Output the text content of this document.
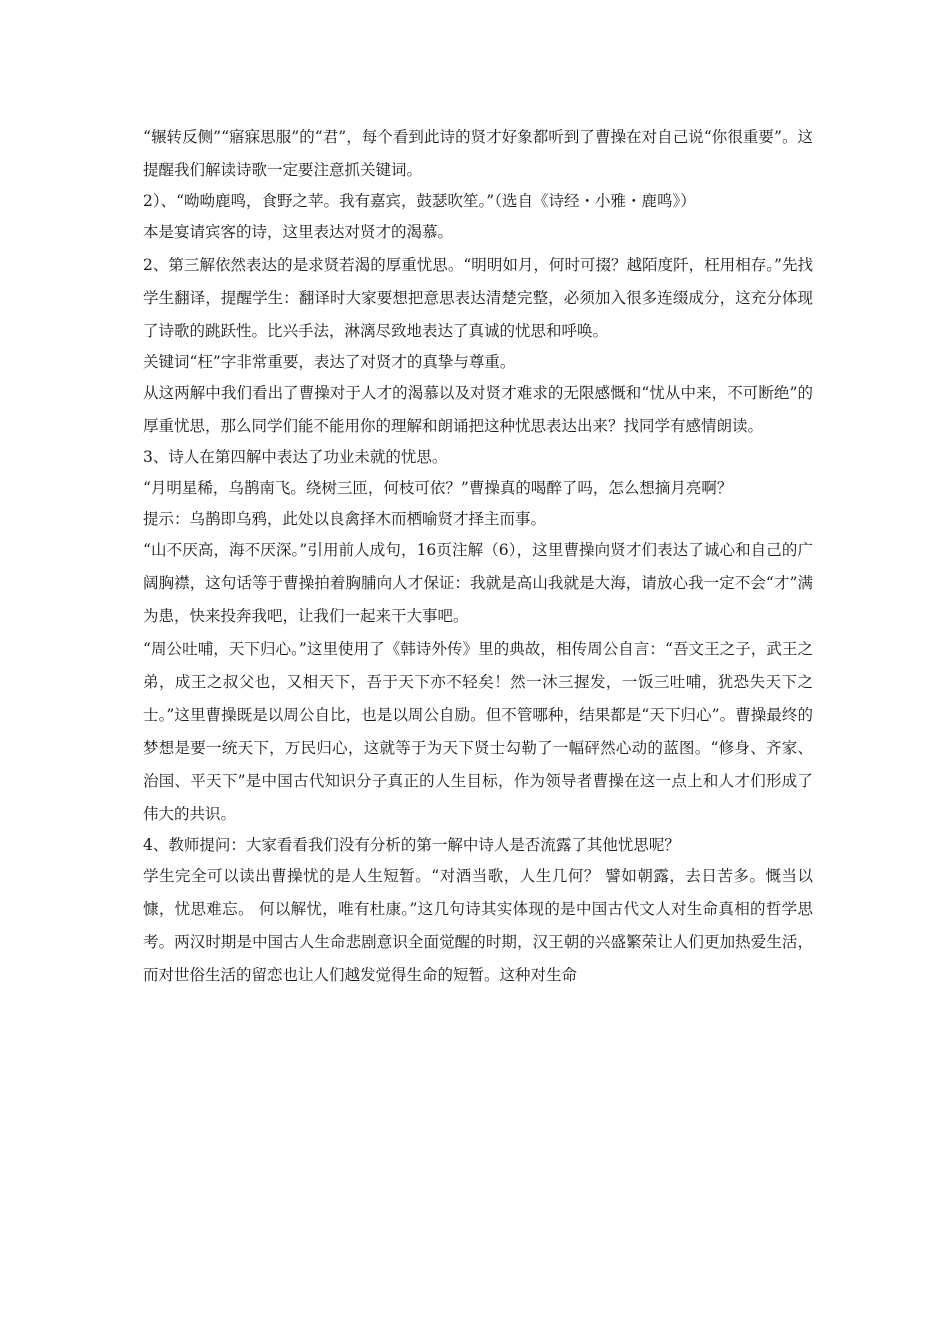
“辗转反侧”“寤寐思服”的“君”，每个看到此诗的贤才好象都听到了曹操在对自己说“你很重要”。这提醒我们解读诗歌一定要注意抓关键词。

2）、“呦呦鹿鸣，食野之苹。我有嘉宾，鼓瑟吹笙。”（选自《诗经・小雅・鹿鸣》）

本是宴请宾客的诗，这里表达对贤才的渴慕。

2、第三解依然表达的是求贤若渴的厚重忧思。“明明如月，何时可掇？越陌度阡，枉用相存。”先找学生翻译，提醒学生：翻译时大家要想把意思表达清楚完整，必须加入很多连缀成分，这充分体现了诗歌的跳跃性。比兴手法，淋漓尽致地表达了真诚的忧思和呼唤。

关键词“枉”字非常重要，表达了对贤才的真挚与尊重。

从这两解中我们看出了曹操对于人才的渴慕以及对贤才难求的无限感慨和“忧从中来，不可断绝”的厚重忧思，那么同学们能不能用你的理解和朗诵把这种忧思表达出来？找同学有感情朗读。

3、诗人在第四解中表达了功业未就的忧思。

“月明星稀，乌鹊南飞。绕树三匝，何枝可依？”曹操真的喝醉了吗，怎么想摘月亮啊？

提示：乌鹊即乌鸦，此处以良禽择木而栖喻贤才择主而事。

“山不厌高，海不厌深。”引用前人成句，16页注解（6），这里曹操向贤才们表达了诚心和自己的广阔胸襟，这句话等于曹操拍着胸脯向人才保证：我就是高山我就是大海，请放心我一定不会“才”满为患，快来投奔我吧，让我们一起来干大事吧。

“周公吐哺，天下归心。”这里使用了《韩诗外传》里的典故，相传周公自言：“吾文王之子，武王之弟，成王之叔父也，又相天下，吾于天下亦不轻矣！然一沐三握发，一饭三吐哺，犹恐失天下之士。”这里曹操既是以周公自比，也是以周公自励。但不管哪种，结果都是“天下归心”。曹操最终的梦想是要一统天下，万民归心，这就等于为天下贤士勾勒了一幅砰然心动的蓝图。“修身、齐家、治国、平天下”是中国古代知识分子真正的人生目标，作为领导者曹操在这一点上和人才们形成了伟大的共识。

4、教师提问：大家看看我们没有分析的第一解中诗人是否流露了其他忧思呢？

学生完全可以读出曹操忧的是人生短暂。“对酒当歌，人生几何？ 譬如朝露，去日苦多。慨当以慷，忧思难忘。 何以解忧，唯有杜康。”这几句诗其实体现的是中国古代文人对生命真相的哲学思考。两汉时期是中国古人生命悲剧意识全面觉醒的时期，汉王朝的兴盛繁荣让人们更加热爱生活，而对世俗生活的留恋也让人们越发觉得生命的短暂。这种对生命
